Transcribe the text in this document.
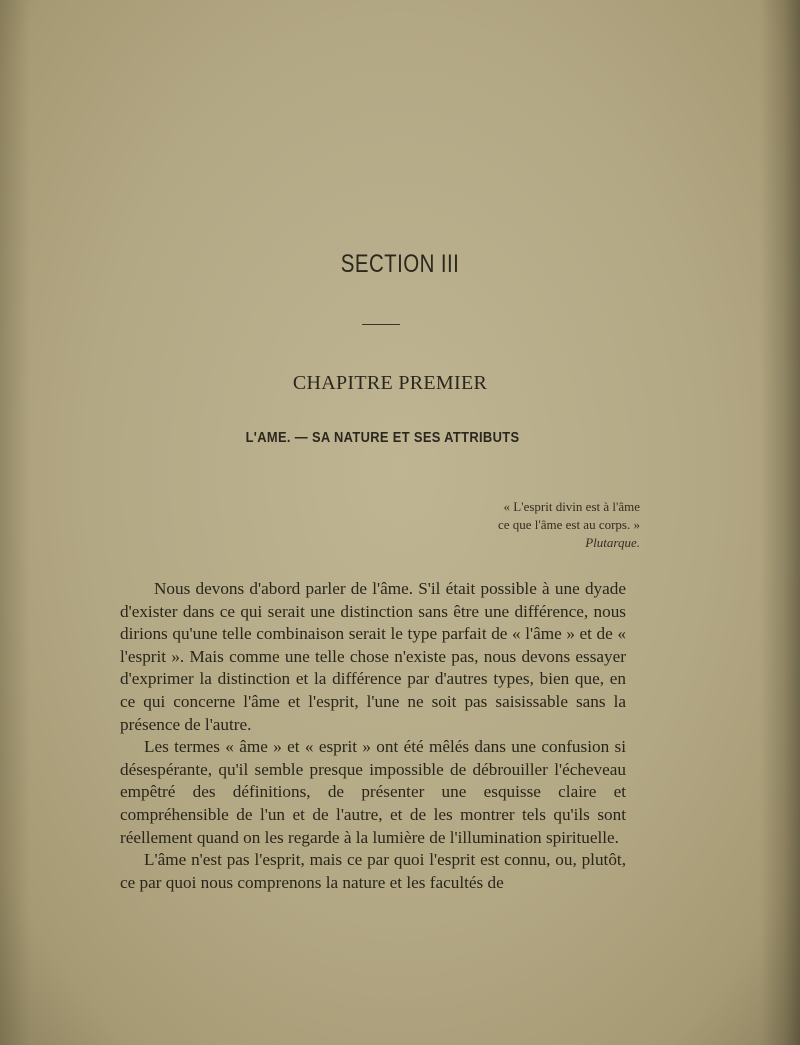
SECTION III
CHAPITRE PREMIER
L'AME. — SA NATURE ET SES ATTRIBUTS
« L'esprit divin est à l'âme
ce que l'âme est au corps. »
Plutarque.

Nous devons d'abord parler de l'âme. S'il était possible à une dyade d'exister dans ce qui serait une distinction sans être une différence, nous dirions qu'une telle combinaison serait le type parfait de « l'âme » et de « l'esprit ». Mais comme une telle chose n'existe pas, nous devons essayer d'exprimer la distinction et la différence par d'autres types, bien que, en ce qui concerne l'âme et l'esprit, l'une ne soit pas saisissable sans la présence de l'autre.

Les termes « âme » et « esprit » ont été mêlés dans une confusion si désespérante, qu'il semble presque impossible de débrouiller l'écheveau empêtré des définitions, de présenter une esquisse claire et compréhensible de l'un et de l'autre, et de les montrer tels qu'ils sont réellement quand on les regarde à la lumière de l'illumination spirituelle.

L'âme n'est pas l'esprit, mais ce par quoi l'esprit est connu, ou, plutôt, ce par quoi nous comprenons la nature et les facultés de
